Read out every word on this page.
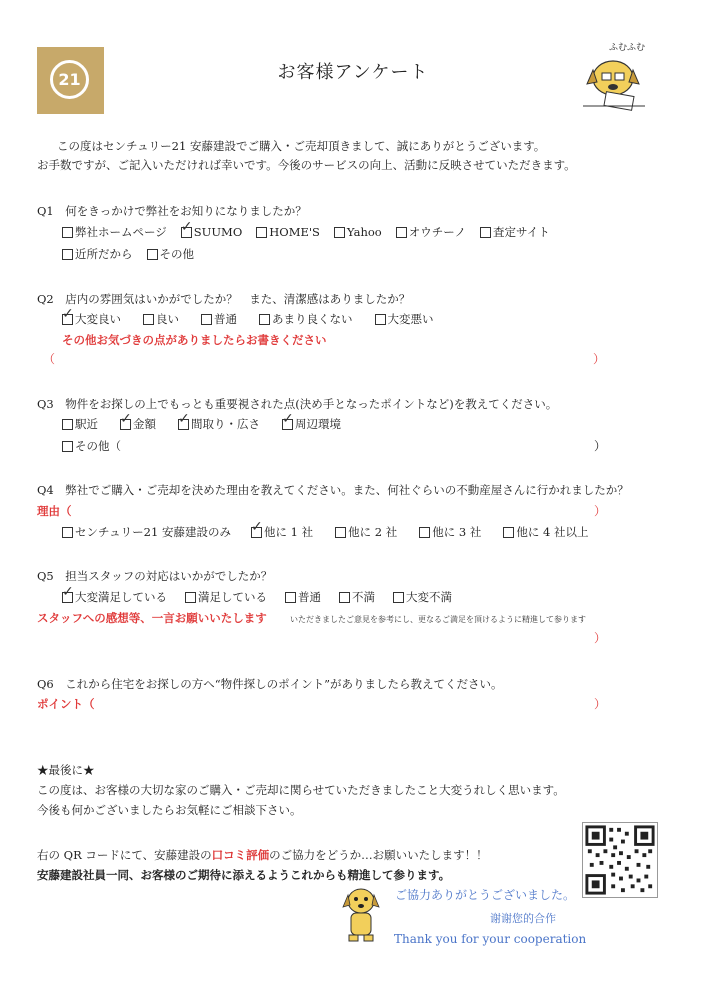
21	お客様アンケート
ふむふむ
この度はセンチュリー21 安藤建設でご購入・ご売却頂きまして、誠にありがとうございます。
お手数ですが、ご記入いただければ幸いです。今後のサービスの向上、活動に反映させていただきます。
Q1　何をきっかけで弊社をお知りになりましたか？
弊社ホームページ ✓ SUUMO HOME'S Yahoo オウチーノ 査定サイト
近所だから その他
Q2　店内の雰囲気はいかがでしたか？　また、清潔感はありましたか？
✓
大変良い	良い	普通	あまり良くない	大変悪い
その他お気づきの点がありましたらお書きください
（	）
Q3　物件をお探しの上でもっとも重要視された点(決め手となったポイントなど)を教えてください。
駅近 ✓	金額 ✓	間取り・広さ ✓	周辺環境
その他（	）
Q4　弊社でご購入・ご売却を決めた理由を教えてください。また、何社ぐらいの不動産屋さんに行かれましたか？
理由（	）
センチュリー21 安藤建設のみ ✓	他に 1 社	他に 2 社	他に 3 社	他に 4 社以上
Q5　担当スタッフの対応はいかがでしたか？
✓
大変満足している	満足している	普通	不満	大変不満
スタッフへの感想等、一言お願いいたします	いただきましたご意見を参考にし、更なるご満足を頂けるように精進して参ります
）
Q6　これから住宅をお探しの方へ“物件探しのポイント”がありましたら教えてください。
ポイント（	）
★最後に★
この度は、お客様の大切な家のご購入・ご売却に関らせていただきましたこと大変うれしく思います。
今後も何かございましたらお気軽にご相談下さい。
右の QR コードにて、安藤建設の口コミ評価のご協力をどうか…お願いいたします！！
安藤建設社員一同、お客様のご期待に添えるようこれからも精進して参ります。
ご協力ありがとうございました。
谢谢您的合作
Thank you for your cooperation
